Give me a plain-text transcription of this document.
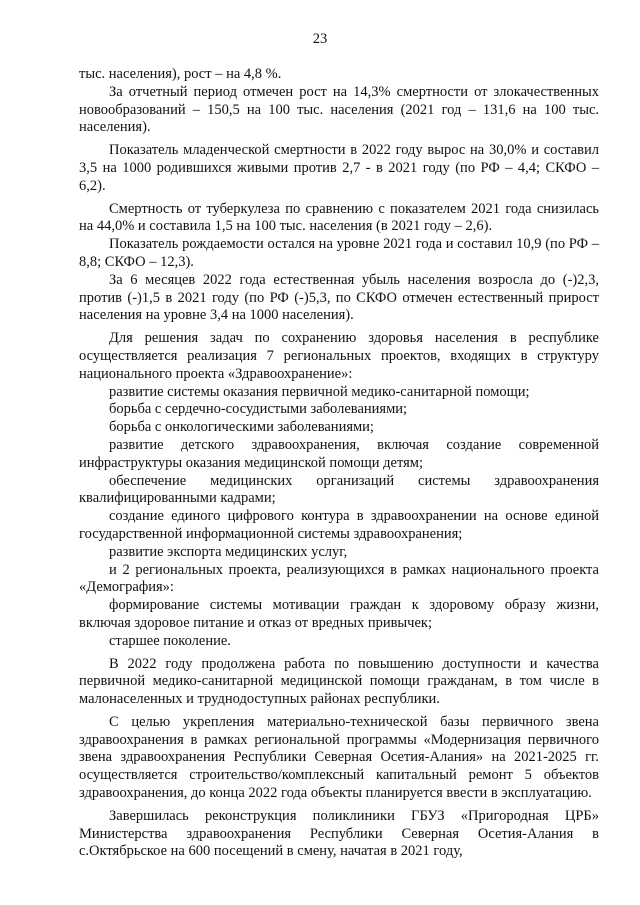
23

тыс. населения), рост – на 4,8 %.

За отчетный период отмечен рост на 14,3% смертности от злокачественных новообразований – 150,5 на 100 тыс. населения (2021 год – 131,6 на 100 тыс. населения).

Показатель младенческой смертности в 2022 году вырос на 30,0% и составил 3,5 на 1000 родившихся живыми против 2,7 - в 2021 году (по РФ – 4,4; СКФО – 6,2).

Смертность от туберкулеза по сравнению с показателем 2021 года снизилась на 44,0% и составила 1,5 на 100 тыс. населения (в 2021 году – 2,6).

Показатель рождаемости остался на уровне 2021 года и составил 10,9 (по РФ – 8,8; СКФО – 12,3).

За 6 месяцев 2022 года естественная убыль населения возросла до (-)2,3, против (-)1,5 в 2021 году (по РФ (-)5,3, по СКФО отмечен естественный прирост населения на уровне 3,4 на 1000 населения).

Для решения задач по сохранению здоровья населения в республике осуществляется реализация 7 региональных проектов, входящих в структуру национального проекта «Здравоохранение»:

развитие системы оказания первичной медико-санитарной помощи;

борьба с сердечно-сосудистыми заболеваниями;

борьба с онкологическими заболеваниями;

развитие детского здравоохранения, включая создание современной инфраструктуры оказания медицинской помощи детям;

обеспечение медицинских организаций системы здравоохранения квалифицированными кадрами;

создание единого цифрового контура в здравоохранении на основе единой государственной информационной системы здравоохранения;

развитие экспорта медицинских услуг,

и 2 региональных проекта, реализующихся в рамках национального проекта «Демография»:

формирование системы мотивации граждан к здоровому образу жизни, включая здоровое питание и отказ от вредных привычек;

старшее поколение.

В 2022 году продолжена работа по повышению доступности и качества первичной медико-санитарной медицинской помощи гражданам, в том числе в малонаселенных и труднодоступных районах республики.

С целью укрепления материально-технической базы первичного звена здравоохранения в рамках региональной программы «Модернизация первичного звена здравоохранения Республики Северная Осетия-Алания» на 2021-2025 гг. осуществляется строительство/комплексный капитальный ремонт 5 объектов здравоохранения, до конца 2022 года объекты планируется ввести в эксплуатацию.

Завершилась реконструкция поликлиники ГБУЗ «Пригородная ЦРБ» Министерства здравоохранения Республики Северная Осетия-Алания в с.Октябрьское на 600 посещений в смену, начатая в 2021 году,
